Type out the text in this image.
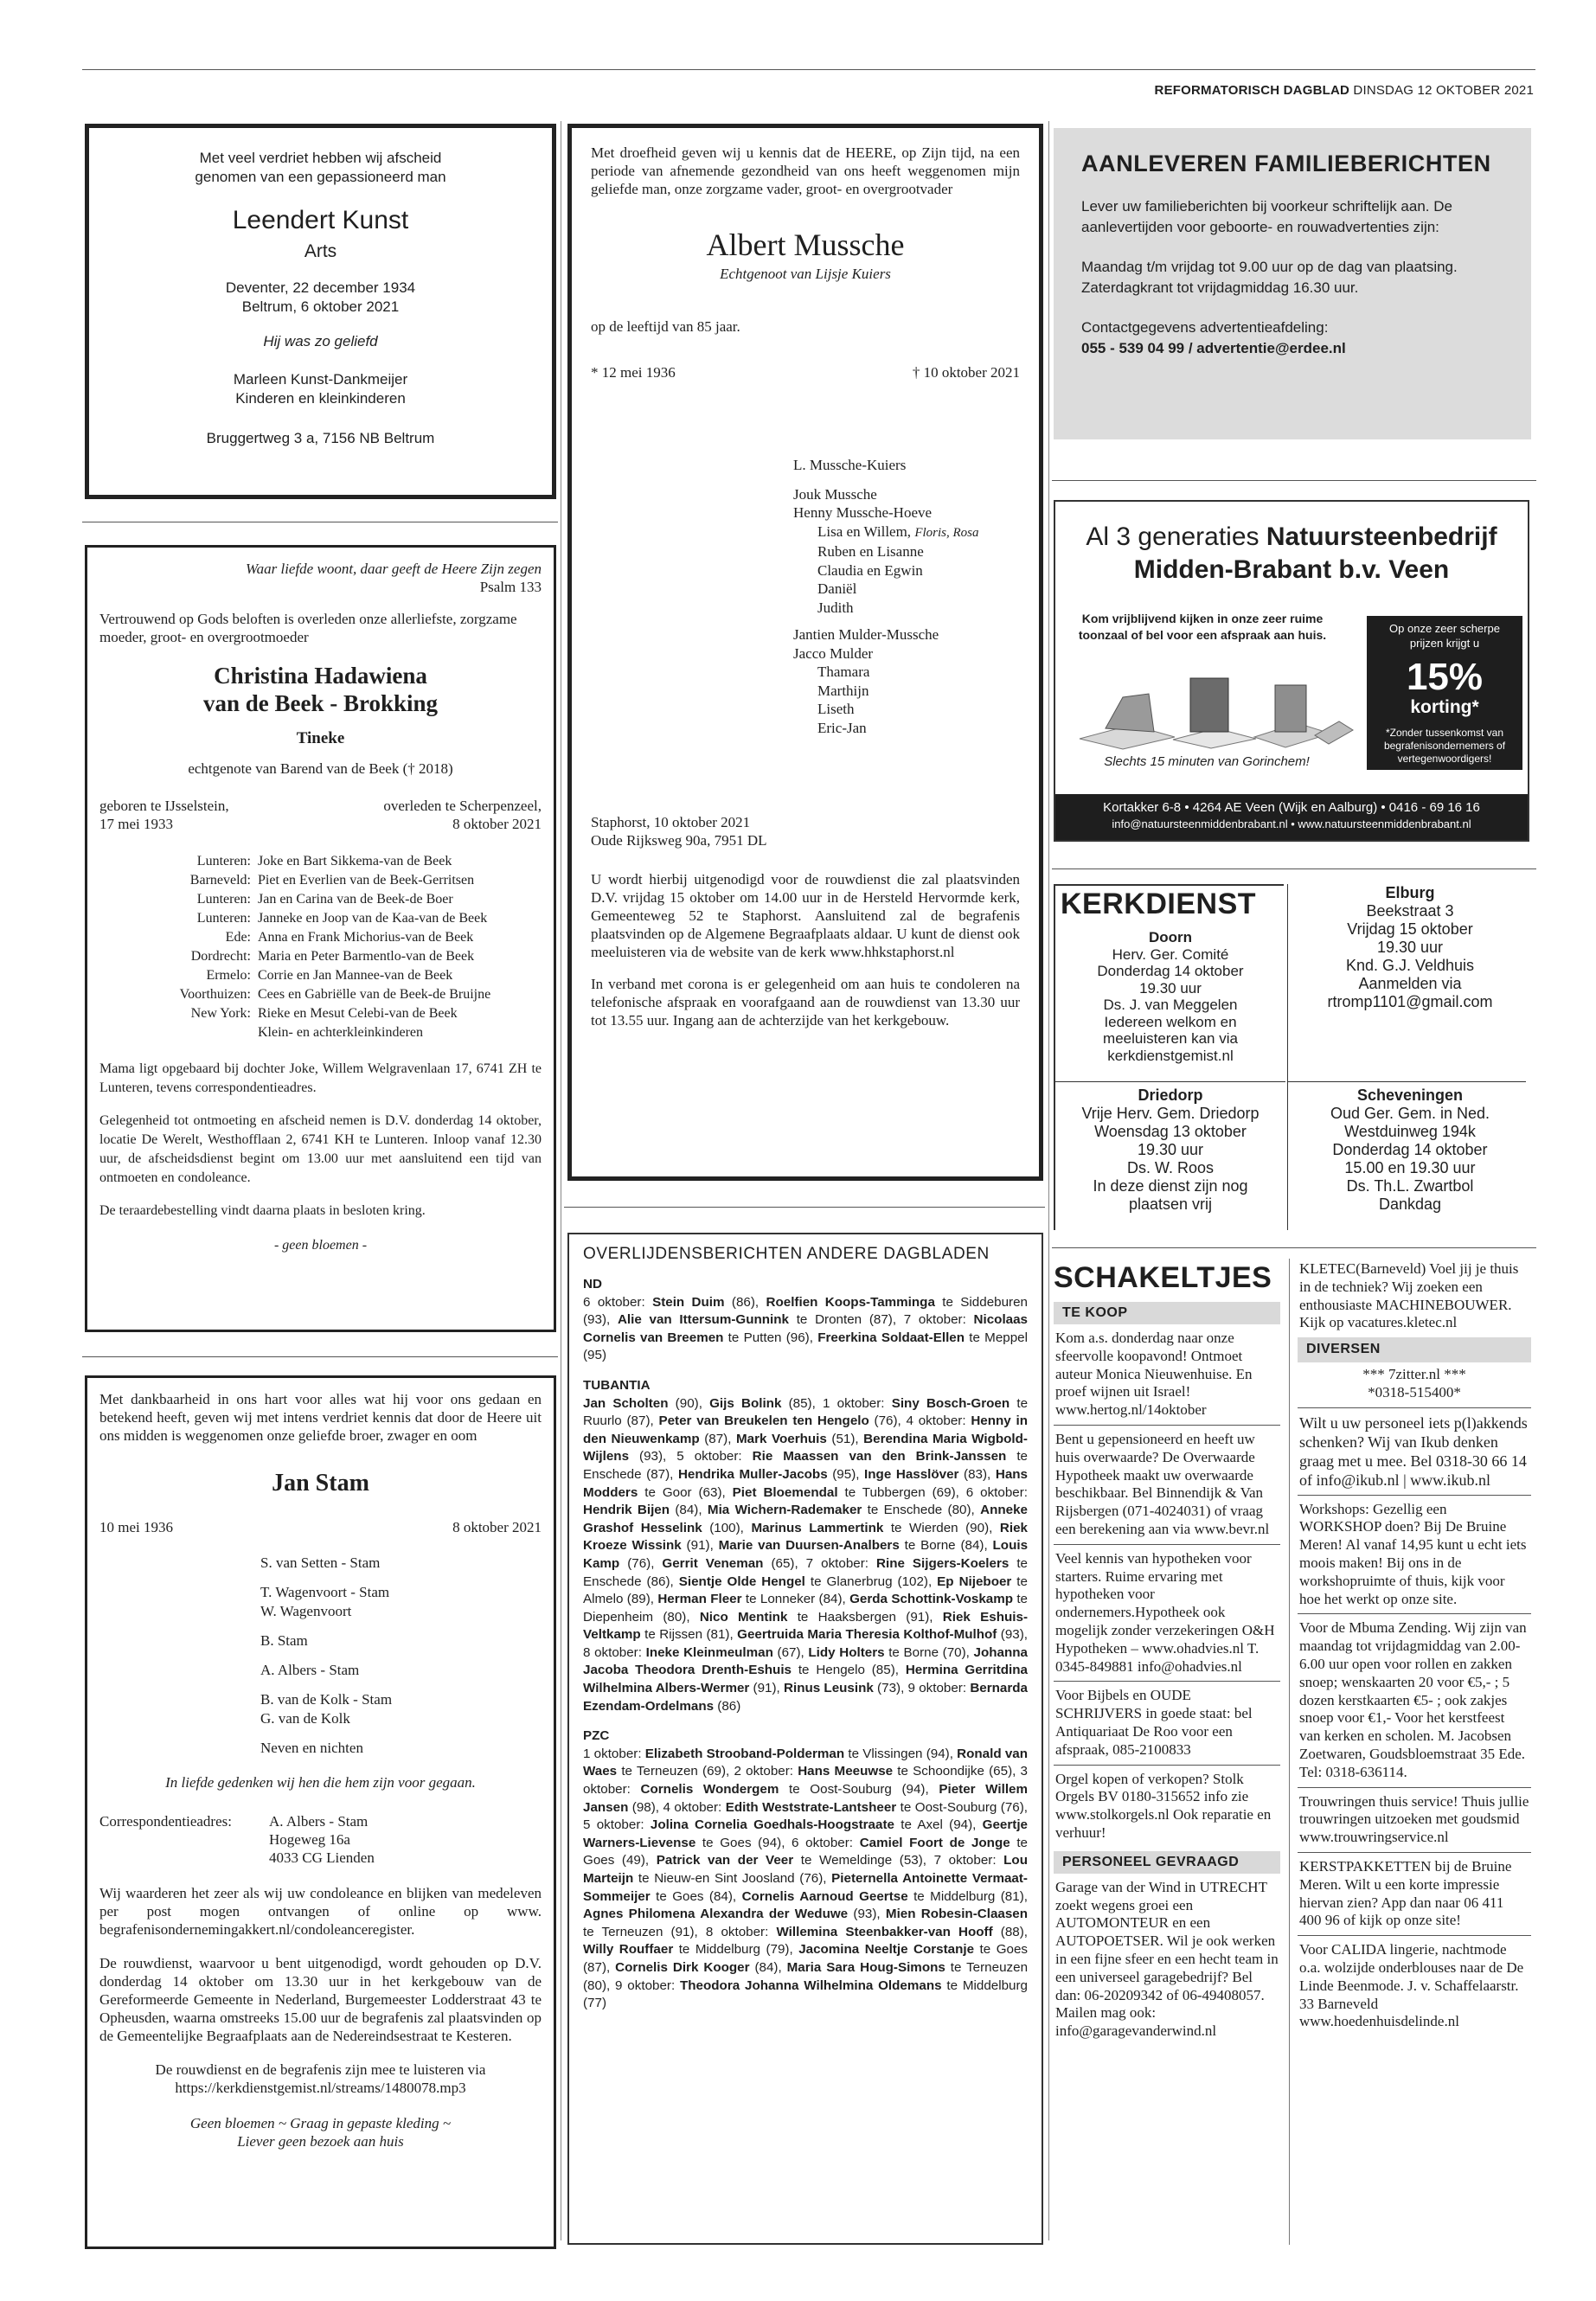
REFORMATORISCH DAGBLAD DINSDAG 12 OKTOBER 2021
Met veel verdriet hebben wij afscheid
genomen van een gepassioneerd man
Leendert Kunst
Arts
Deventer, 22 december 1934
Beltrum, 6 oktober 2021
Hij was zo geliefd
Marleen Kunst-Dankmeijer
Kinderen en kleinkinderen
Bruggertweg 3 a, 7156 NB Beltrum
Waar liefde woont, daar geeft de Heere Zijn zegen
Psalm 133
Vertrouwend op Gods beloften is overleden onze allerliefste, zorgzame moeder, groot- en overgrootmoeder
Christina Hadawiena
van de Beek - Brokking
Tineke
echtgenote van Barend van de Beek († 2018)
geboren te IJsselstein,
17 mei 1933
overleden te Scherpenzeel,
8 oktober 2021
Lunteren: Joke en Bart Sikkema-van de Beek
Barneveld: Piet en Everlien van de Beek-Gerritsen
Lunteren: Jan en Carina van de Beek-de Boer
Lunteren: Janneke en Joop van de Kaa-van de Beek
Ede: Anna en Frank Michorius-van de Beek
Dordrecht: Maria en Peter Barmentlo-van de Beek
Ermelo: Corrie en Jan Mannee-van de Beek
Voorthuizen: Cees en Gabriëlle van de Beek-de Bruijne
New York: Rieke en Mesut Celebi-van de Beek
Klein- en achterkleinkinderen
Mama ligt opgebaard bij dochter Joke, Willem Welgravenlaan 17, 6741 ZH te Lunteren, tevens correspondentieadres.
Gelegenheid tot ontmoeting en afscheid nemen is D.V. donderdag 14 oktober, locatie De Werelt, Westhofflaan 2, 6741 KH te Lunteren. Inloop vanaf 12.30 uur, de afscheidsdienst begint om 13.00 uur met aansluitend een tijd van ontmoeten en condoleance.
De teraardebestelling vindt daarna plaats in besloten kring.
- geen bloemen -
Met dankbaarheid in ons hart voor alles wat hij voor ons gedaan en betekend heeft, geven wij met intens verdriet kennis dat door de Heere uit ons midden is weggenomen onze geliefde broer, zwager en oom
Jan Stam
10 mei 1936	8 oktober 2021
S. van Setten - Stam
T. Wagenvoort - Stam
W. Wagenvoort
B. Stam
A. Albers - Stam
B. van de Kolk - Stam
G. van de Kolk
Neven en nichten
In liefde gedenken wij hen die hem zijn voor gegaan.
Correspondentieadres:	A. Albers - Stam
Hogeweg 16a
4033 CG Lienden
Wij waarderen het zeer als wij uw condoleance en blijken van medeleven per post mogen ontvangen of online op www. begrafenisondernemingakkert.nl/condoleanceregister.
De rouwdienst, waarvoor u bent uitgenodigd, wordt gehouden op D.V. donderdag 14 oktober om 13.30 uur in het kerkgebouw van de Gereformeerde Gemeente in Nederland, Burgemeester Lodderstraat 43 te Opheusden, waarna omstreeks 15.00 uur de begrafenis zal plaatsvinden op de Gemeentelijke Begraafplaats aan de Nedereindsestraat te Kesteren.
De rouwdienst en de begrafenis zijn mee te luisteren via https://kerkdienstgemist.nl/streams/1480078.mp3
Geen bloemen ~ Graag in gepaste kleding ~
Liever geen bezoek aan huis
Met droefheid geven wij u kennis dat de HEERE, op Zijn tijd, na een periode van afnemende gezondheid van ons heeft weggenomen mijn geliefde man, onze zorgzame vader, groot- en overgrootvader
Albert Mussche
Echtgenoot van Lijsje Kuiers
op de leeftijd van 85 jaar.
* 12 mei 1936	† 10 oktober 2021
L. Mussche-Kuiers
Jouk Mussche
Henny Mussche-Hoeve
Lisa en Willem, Floris, Rosa
Ruben en Lisanne
Claudia en Egwin
Daniël
Judith
Jantien Mulder-Mussche
Jacco Mulder
Thamara
Marthijn
Liseth
Eric-Jan
Staphorst, 10 oktober 2021
Oude Rijksweg 90a, 7951 DL
U wordt hierbij uitgenodigd voor de rouwdienst die zal plaatsvinden D.V. vrijdag 15 oktober om 14.00 uur in de Hersteld Hervormde kerk, Gemeenteweg 52 te Staphorst. Aansluitend zal de begrafenis plaatsvinden op de Algemene Begraafplaats aldaar. U kunt de dienst ook meeluisteren via de website van de kerk www.hhkstaphorst.nl
In verband met corona is er gelegenheid om aan huis te condoleren na telefonische afspraak en voorafgaand aan de rouwdienst van 13.30 uur tot 13.55 uur. Ingang aan de achterzijde van het kerkgebouw.
OVERLIJDENSBERICHTEN ANDERE DAGBLADEN
ND
6 oktober: Stein Duim (86), Roelfien Koops-Tamminga te Siddeburen (93), Alie van Ittersum-Gunnink te Dronten (87), 7 oktober: Nicolaas Cornelis van Breemen te Putten (96), Freerkina Soldaat-Ellen te Meppel (95)
TUBANTIA
Jan Scholten (90), Gijs Bolink (85), 1 oktober: Siny Bosch-Groen te Ruurlo (87), Peter van Breukelen ten Hengelo (76), 4 oktober: Henny in den Nieuwenkamp (87), Mark Voerhuis (51), Berendina Maria Wigbold-Wijlens (93), 5 oktober: Rie Maassen van den Brink-Janssen te Enschede (87), Hendrika Muller-Jacobs (95), Inge Hasslöver (83), Hans Modders te Goor (63), Piet Bloemendal te Tubbergen (69), 6 oktober: Hendrik Bijen (84), Mia Wichern-Rademaker te Enschede (80), Anneke Grashof Hesselink (100), Marinus Lammertink te Wierden (90), Riek Kroeze Wissink (91), Marie van Duursen-Analbers te Borne (84), Louis Kamp (76), Gerrit Veneman (65), 7 oktober: Rine Sijgers-Koelers te Enschede (86), Sientje Olde Hengel te Glanerbrug (102), Ep Nijeboer te Almelo (89), Herman Fleer te Lonneker (84), Gerda Schottink-Voskamp te Diepenheim (80), Nico Mentink te Haaksbergen (91), Riek Eshuis-Veltkamp te Rijssen (81), Geertruida Maria Theresia Kolthof-Mulhof (93), 8 oktober: Ineke Kleinmeulman (67), Lidy Holters te Borne (70), Johanna Jacoba Theodora Drenth-Eshuis te Hengelo (85), Hermina Gerritdina Wilhelmina Albers-Wermer (91), Rinus Leusink (73), 9 oktober: Bernarda Ezendam-Ordelmans (86)
PZC
1 oktober: Elizabeth Strooband-Polderman te Vlissingen (94), Ronald van Waes te Terneuzen (69), 2 oktober: Hans Meeuwse te Schoondijke (65), 3 oktober: Cornelis Wondergem te Oost-Souburg (94), Pieter Willem Jansen (98), 4 oktober: Edith Weststrate-Lantsheer te Oost-Souburg (76), 5 oktober: Jolina Cornelia Goedhals-Hoogstraate te Axel (94), Geertje Warners-Lievense te Goes (94), 6 oktober: Camiel Foort de Jonge te Goes (49), Patrick van der Veer te Wemeldinge (53), 7 oktober: Lou Marteijn te Nieuw-en Sint Joosland (76), Pieternella Antoinette Vermaat-Sommeijer te Goes (84), Cornelis Aarnoud Geertse te Middelburg (81), Agnes Philomena Alexandra der Weduwe (93), Mien Robesin-Claasen te Terneuzen (91), 8 oktober: Willemina Steenbakker-van Hooff (88), Willy Rouffaer te Middelburg (79), Jacomina Neeltje Corstanje te Goes (87), Cornelis Dirk Kooger (84), Maria Sara Houg-Simons te Terneuzen (80), 9 oktober: Theodora Johanna Wilhelmina Oldemans te Middelburg (77)
AANLEVEREN FAMILIEBERICHTEN
Lever uw familieberichten bij voorkeur schriftelijk aan. De aanlevertijden voor geboorte- en rouwadvertenties zijn:
Maandag t/m vrijdag tot 9.00 uur op de dag van plaatsing.
Zaterdagkrant tot vrijdagmiddag 16.30 uur.
Contactgegevens advertentieafdeling:
055 - 539 04 99 / advertentie@erdee.nl
Al 3 generaties Natuursteenbedrijf
Midden-Brabant b.v. Veen
Kom vrijblijvend kijken in onze zeer ruime toonzaal of bel voor een afspraak aan huis.
Slechts 15 minuten van Gorinchem!
Op onze zeer scherpe prijzen krijgt u
15%
korting*
*Zonder tussenkomst van begrafenisondernemers of vertegenwoordigers!
Kortakker 6-8 • 4264 AE Veen (Wijk en Aalburg) • 0416 - 69 16 16
info@natuursteenmiddenbrabant.nl • www.natuursteenmiddenbrabant.nl
KERKDIENST
Doorn
Herv. Ger. Comité
Donderdag 14 oktober
19.30 uur
Ds. J. van Meggelen
Iedereen welkom en
meeluisteren kan via
kerkdienstgemist.nl
Elburg
Beekstraat 3
Vrijdag 15 oktober
19.30 uur
Knd. G.J. Veldhuis
Aanmelden via
rtromp1101@gmail.com
Driedorp
Vrije Herv. Gem. Driedorp
Woensdag 13 oktober
19.30 uur
Ds. W. Roos
In deze dienst zijn nog
plaatsen vrij
Scheveningen
Oud Ger. Gem. in Ned.
Westduinweg 194k
Donderdag 14 oktober
15.00 en 19.30 uur
Ds. Th.L. Zwartbol
Dankdag
SCHAKELTJES
TE KOOP
Kom a.s. donderdag naar onze sfeervolle koopavond! Ontmoet auteur Monica Nieuwenhuise. En proef wijnen uit Israel! www.hertog.nl/14oktober
Bent u gepensioneerd en heeft uw huis overwaarde? De Overwaarde Hypotheek maakt uw overwaarde beschikbaar. Bel Binnendijk & Van Rijsbergen (071-4024031) of vraag een berekening aan via www.bevr.nl
Veel kennis van hypotheken voor starters. Ruime ervaring met hypotheken voor ondernemers.Hypotheek ook mogelijk zonder verzekeringen O&H Hypotheken – www.ohadvies.nl T. 0345-849881 info@ohadvies.nl
Voor Bijbels en OUDE SCHRIJVERS in goede staat: bel Antiquariaat De Roo voor een afspraak, 085-2100833
Orgel kopen of verkopen? Stolk Orgels BV 0180-315652 info zie www.stolkorgels.nl Ook reparatie en verhuur!
PERSONEEL GEVRAAGD
Garage van der Wind in UTRECHT zoekt wegens groei een AUTOMONTEUR en een AUTOPOETSER. Wil je ook werken in een fijne sfeer en een hecht team in een universeel garagebedrijf? Bel dan: 06-20209342 of 06-49408057. Mailen mag ook: info@garagevanderwind.nl
KLETEC(Barneveld) Voel jij je thuis in de techniek? Wij zoeken een enthousiaste MACHINEBOUWER. Kijk op vacatures.kletec.nl
DIVERSEN
*** 7zitter.nl ***
*0318-515400*
Wilt u uw personeel iets p(l)akkends schenken? Wij van Ikub denken graag met u mee. Bel 0318-30 66 14 of info@ikub.nl | www.ikub.nl
Workshops: Gezellig een WORKSHOP doen? Bij De Bruine Meren! Al vanaf 14,95 kunt u echt iets moois maken! Bij ons in de workshopruimte of thuis, kijk voor hoe het werkt op onze site.
Voor de Mbuma Zending. Wij zijn van maandag tot vrijdagmiddag van 2.00-6.00 uur open voor rollen en zakken snoep; wenskaarten 20 voor €5,- ; 5 dozen kerstkaarten €5- ; ook zakjes snoep voor €1,- Voor het kerstfeest van kerken en scholen. M. Jacobsen Zoetwaren, Goudsbloemstraat 35 Ede. Tel: 0318-636114.
Trouwringen thuis service! Thuis jullie trouwringen uitzoeken met goudsmid www.trouwringservice.nl
KERSTPAKKETTEN bij de Bruine Meren. Wilt u een korte impressie hiervan zien? App dan naar 06 411 400 96 of kijk op onze site!
Voor CALIDA lingerie, nachtmode o.a. wolzijde onderblouses naar de De Linde Beenmode. J. v. Schaffelaarstr. 33 Barneveld www.hoedenhuisdelinde.nl
